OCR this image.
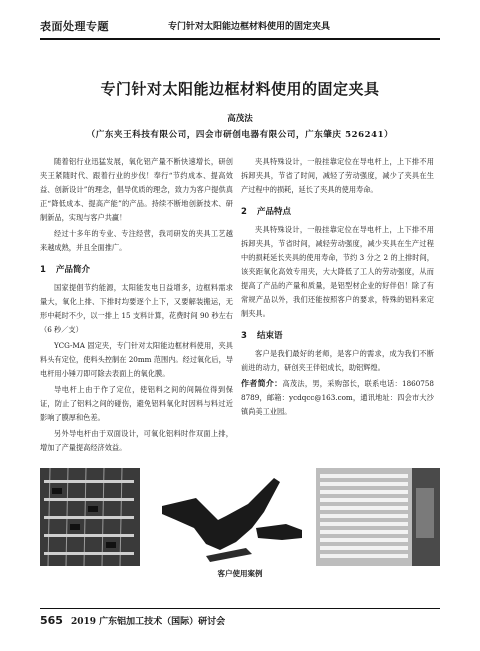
表面处理专题	专门针对太阳能边框材料使用的固定夹具
专门针对太阳能边框材料使用的固定夹具
高茂法
（广东夹王科技有限公司，四会市研创电器有限公司，广东肇庆 526241）

随着铝行业迅猛发展，氧化铝产量不断快速增长，研创夹王紧随时代、跟着行业的步伐！奉行“节约成本、提高效益、创新设计”的理念，倡导优质的理念，致力为客户提供真正“降低成本、提高产能”的产品。持续不断地创新技术、研制新品，实现与客户共赢！

经过十多年的专业、专注经营，我司研发的夹具工艺越来越成熟，并且全面推广。

1 产品简介

国家提倡节约能源，太阳能发电日益增多，边框料需求量大，氧化上排、下排时均要逐个上下，又要解装搬运，无形中耗时不少，以一排上 15 支料计算，花费时间 90 秒左右（6 秒／支）

YCG-MA 固定夹，专门针对太阳能边框材料使用，夹具料头有定位，使料头控制在 20mm 范围内。经过氧化后，导电杆用小锤刀即可除去表面上的氧化膜。

导电杆上由于作了定位，使铝料之间的间隔位得到保证，防止了铝料之间的碰伤，避免铝料氧化时因料与料过近影响了膜厚和色差。

另外导电杆由于双面设计，可氧化铝料时作双面上排，增加了产量提高经济效益。

夹具特殊设计，一般挂靠定位在导电杆上，上下排不用拆卸夹具，节省了时间，减轻了劳动强度，减少了夹具在生产过程中的损耗，延长了夹具的使用寿命。

2 产品特点

夹具特殊设计，一般挂靠定位在导电杆上，上下排不用拆卸夹具，节省时间，减轻劳动强度，减少夹具在生产过程中的损耗延长夹具的使用寿命，节约 3 分之 2 的上排时间，该夹距氧化高效专用夹，大大降低了工人的劳动强度，从而提高了产品的产量和质量，是铝型材企业的好伴侣！除了有常规产品以外，我们还能按照客户的要求，特殊的铝料来定制夹具。

3 结束语

客户是我们最好的老师，是客户的需求，成为我们不断前进的动力，研创夹王伴铝成长，助铝辉煌。

作者简介：高茂法，男，采购部长，联系电话：1860758 8789，邮箱：ycdqcc@163.com，通讯地址：四会市大沙镇尚美工业园。

客户使用案例
565 2019 广东铝加工技术（国际）研讨会
